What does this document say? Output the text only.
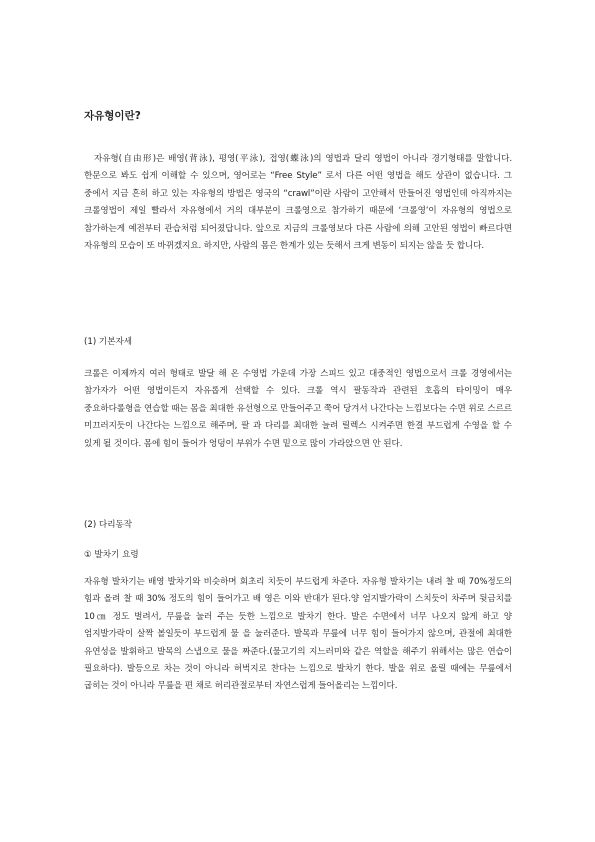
자유형이란?

자유형(自由形)은 배영(背泳), 평영(平泳), 접영(蝶泳)의 영법과 달리 영법이 아니라 경기형태를 말합니다. 한문으로 봐도 쉽게 이해할 수 있으며, 영어로는 “Free Style” 로서 다른 어떤 영법을 해도 상관이 없습니다. 그 중에서 지금 흔히 하고 있는 자유형의 방법은 영국의 “crawl”이란 사람이 고안해서 만들어진 영법인데 아직까지는 크롤영법이 제일 빨라서 자유형에서 거의 대부분이 크롤영으로 참가하기 때문에 ‘크롤영’이 자유형의 영법으로 참가하는게 예전부터 관습처럼 되어졌답니다. 앞으로 지금의 크롤영보다 다른 사람에 의해 고안된 영법이 빠르다면 자유형의 모습이 또 바뀌겠지요. 하지만, 사람의 몸은 한계가 있는 듯해서 크게 변동이 되지는 않을 듯 합니다.

(1) 기본자세

크롤은 이제까지 여러 형태로 발달 해 온 수영법 가운데 가장 스피드 있고 대중적인 영법으로서 크롤 경영에서는 참가자가 어떤 영법이든지 자유롭게 선택할 수 있다. 크롤 역시 팔동작과 관련된 호흡의 타이밍이 매우 중요하다롤형을 연습할 때는 몸을 최대한 유선형으로 만들어주고 쭉어 당겨서 나간다는 느낌보다는 수면 위로 스르르 미끄러지듯이 나간다는 느낌으로 해주며, 팔 과 다리를 최대한 늘려 릴렉스 시켜주면 한결 부드럽게 수영을 할 수 있게 될 것이다. 몸에 힘이 들어가 엉덩이 부위가 수면 밑으로 많이 가라앉으면 안 된다.

(2) 다리동작
① 발차기 요령

자유형 발차기는 배영 발차기와 비슷하며 회초리 치듯이 부드럽게 차준다. 자유형 발차기는 내려 찰 때 70%정도의 힘과 올려 찰 때 30% 정도의 힘이 들어가고 배 영은 이와 반대가 된다.양 엄지발가락이 스치듯이 차주며 뒷금치를 10㎝ 정도 벌려서, 무릎을 눌러 주는 듯한 느낌으로 발차기 한다. 발은 수면에서 너무 나오지 않게 하고 양 엄지발가락이 살짝 볼일듯이 부드럽게 물 을 눌러준다. 발목과 무릎에 너무 힘이 들어가지 않으며, 관절에 최대한 유연성을 발휘하고 발목의 스냅으로 물을 짜준다.(물고기의 지느러미와 같은 역할을 해주기 위해서는 많은 연습이 필요하다). 발등으로 차는 것이 아니라 허벅지로 찬다는 느낌으로 발차기 한다. 발을 위로 올릴 때에는 무릎에서 굽히는 것이 아니라 무릎을 편 채로 허리관절로부터 자연스럽게 들어올리는 느낌이다.
